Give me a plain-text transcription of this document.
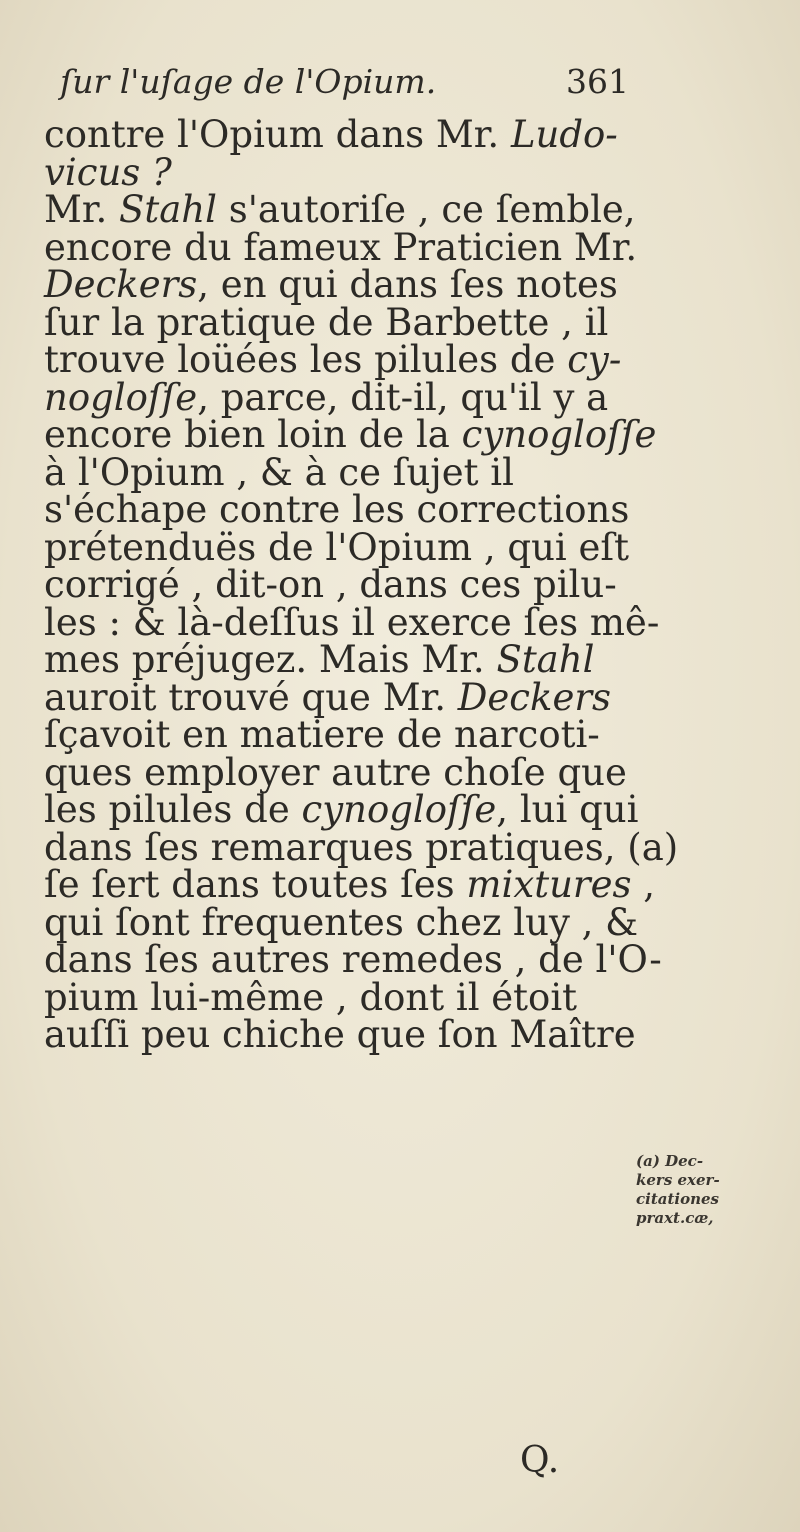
ſur l'uſage de l'Opium.	361
contre l'Opium dans Mr. Ludo-
vicus ?
Mr. Stahl s'autoriſe , ce ſemble,
encore du fameux Praticien Mr.
Deckers, en qui dans ſes notes
ſur la pratique de Barbette , il
trouve loüées les pilules de cy-
nogloſſe, parce, dit-il, qu'il y a
encore bien loin de la cynogloſſe
à l'Opium , & à ce ſujet il
s'échape contre les corrections
prétenduës de l'Opium , qui eſt
corrigé , dit-on , dans ces pilu-
les : & là-deſſus il exerce ſes mê-
mes préjugez. Mais Mr. Stahl
auroit trouvé que Mr. Deckers
ſçavoit en matiere de narcoti-
ques employer autre choſe que
les pilules de cynogloſſe, lui qui
dans ſes remarques pratiques, (a)
ſe ſert dans toutes ſes mixtures ,
qui ſont frequentes chez luy , &
dans ſes autres remedes , de l'O-
pium lui-même , dont il étoit
auſſi peu chiche que ſon Maître
(a) Dec-
kers exer-
citationes
praxt.cæ,
Q.
